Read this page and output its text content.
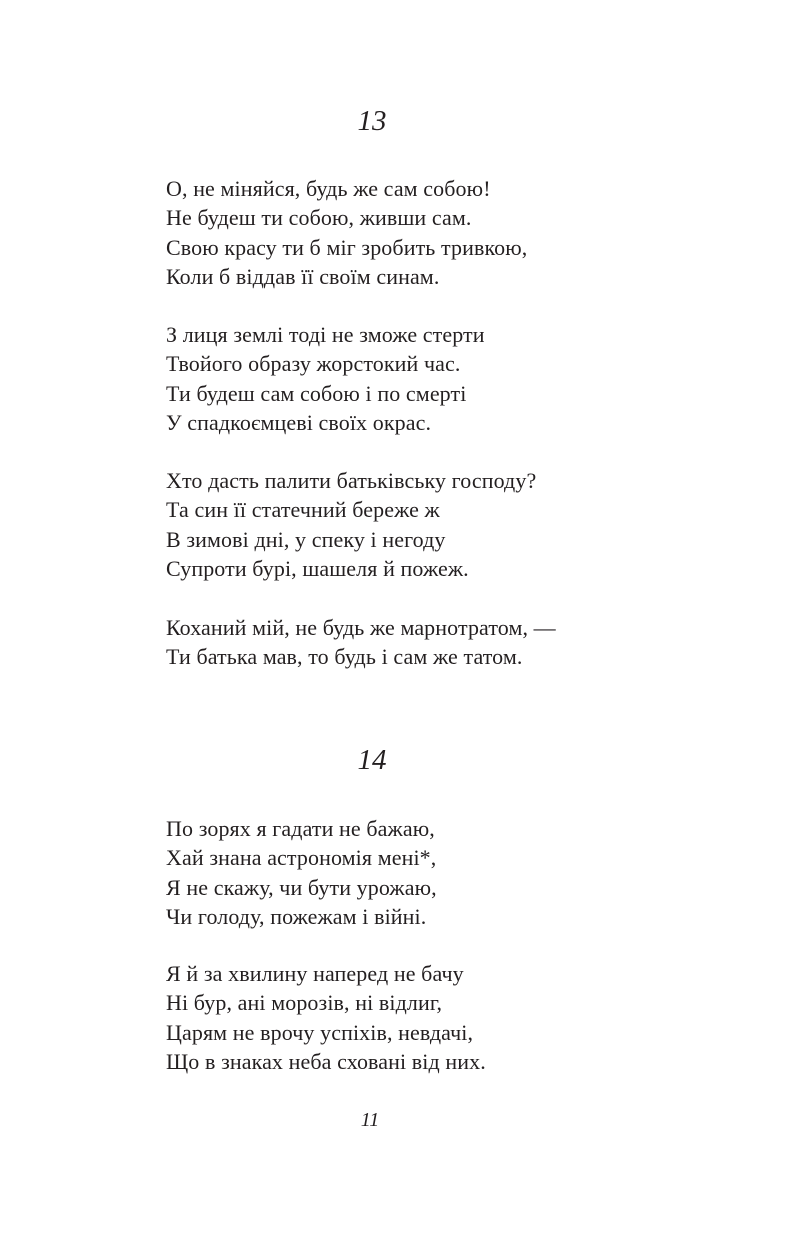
13
О, не міняйся, будь же сам собою!
Не будеш ти собою, живши сам.
Свою красу ти б міг зробить тривкою,
Коли б віддав її своїм синам.
З лиця землі тоді не зможе стерти
Твойого образу жорстокий час.
Ти будеш сам собою і по смерті
У спадкоємцеві своїх окрас.
Хто дасть палити батьківську господу?
Та син її статечний береже ж
В зимові дні, у спеку і негоду
Супроти бурі, шашеля й пожеж.
Коханий мій, не будь же марнотратом, —
Ти батька мав, то будь і сам же татом.
14
По зорях я гадати не бажаю,
Хай знана астрономія мені*,
Я не скажу, чи бути урожаю,
Чи голоду, пожежам і війні.
Я й за хвилину наперед не бачу
Ні бур, ані морозів, ні відлиг,
Царям не врочу успіхів, невдачі,
Що в знаках неба сховані від них.
11
